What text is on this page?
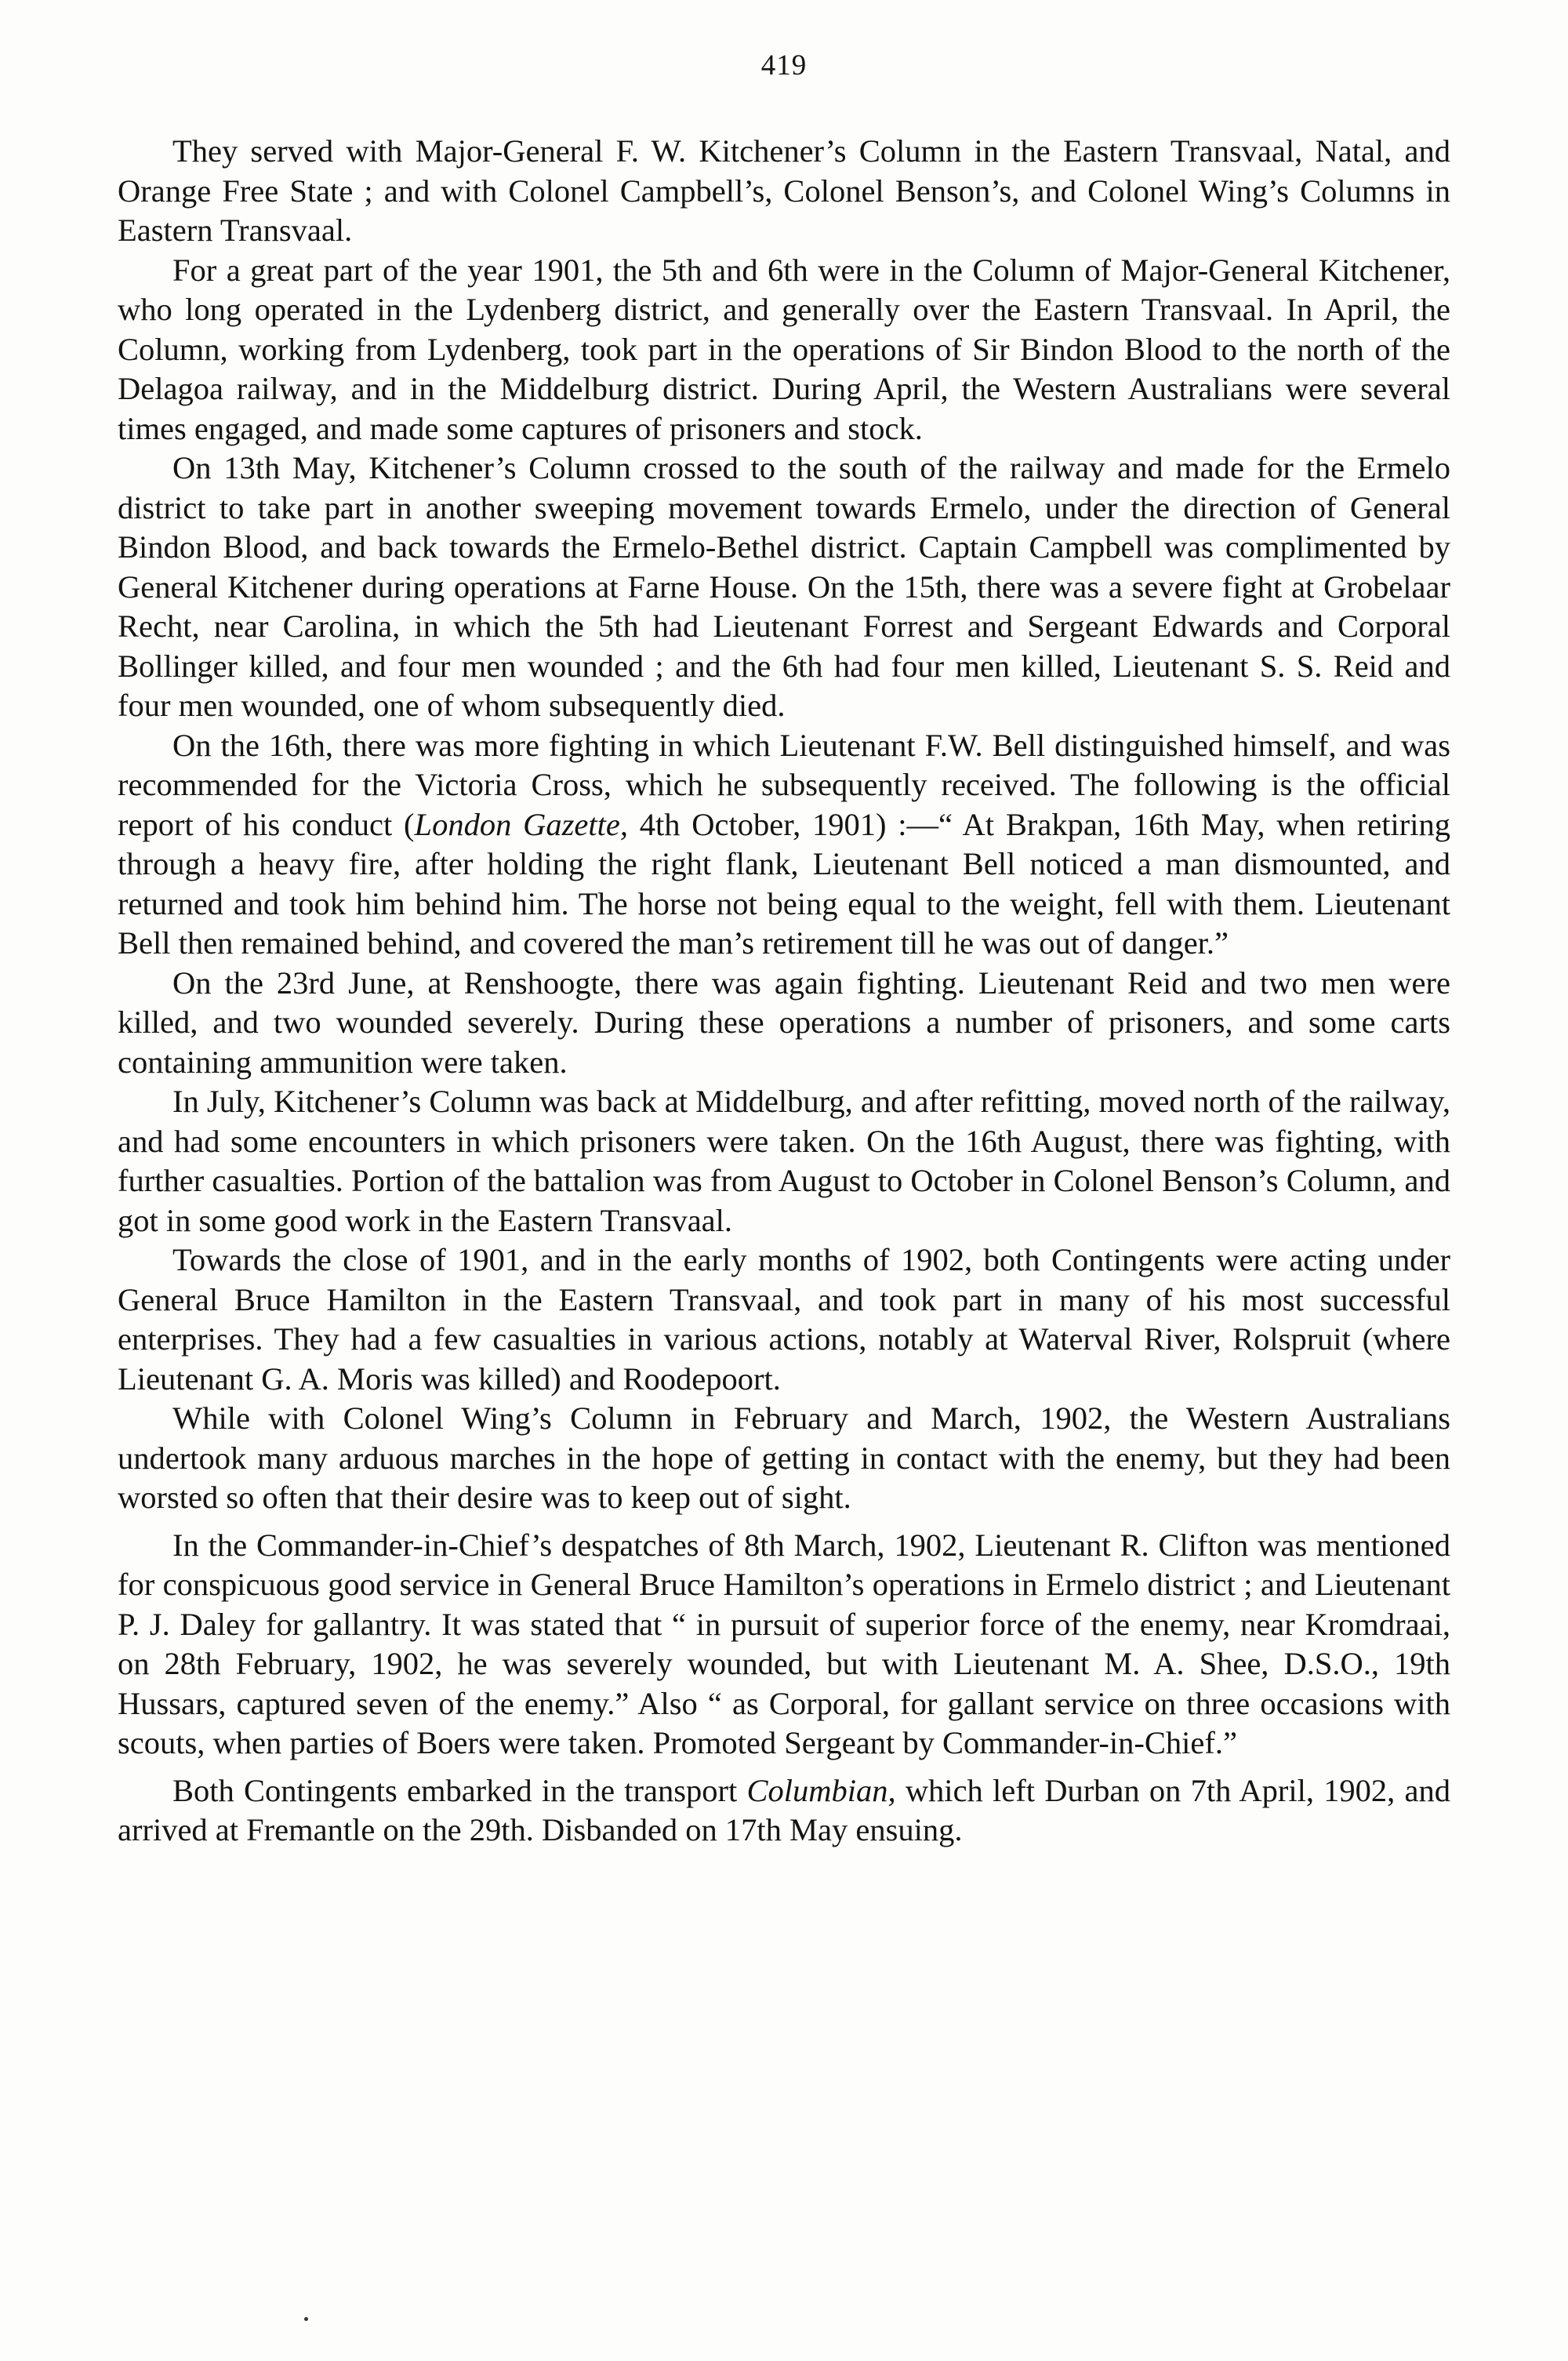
419

They served with Major-General F. W. Kitchener’s Column in the Eastern Transvaal, Natal, and Orange Free State ; and with Colonel Campbell’s, Colonel Benson’s, and Colonel Wing’s Columns in Eastern Transvaal.

For a great part of the year 1901, the 5th and 6th were in the Column of Major-General Kitchener, who long operated in the Lydenberg district, and generally over the Eastern Transvaal. In April, the Column, working from Lydenberg, took part in the operations of Sir Bindon Blood to the north of the Delagoa railway, and in the Middelburg district. During April, the Western Australians were several times engaged, and made some captures of prisoners and stock.

On 13th May, Kitchener’s Column crossed to the south of the railway and made for the Ermelo district to take part in another sweeping movement towards Ermelo, under the direction of General Bindon Blood, and back towards the Ermelo-Bethel district. Captain Campbell was complimented by General Kitchener during operations at Farne House. On the 15th, there was a severe fight at Grobelaar Recht, near Carolina, in which the 5th had Lieutenant Forrest and Sergeant Edwards and Corporal Bollinger killed, and four men wounded ; and the 6th had four men killed, Lieutenant S. S. Reid and four men wounded, one of whom subsequently died.

On the 16th, there was more fighting in which Lieutenant F.W. Bell distinguished himself, and was recommended for the Victoria Cross, which he subsequently received. The following is the official report of his conduct (London Gazette, 4th October, 1901) :—“ At Brakpan, 16th May, when retiring through a heavy fire, after holding the right flank, Lieutenant Bell noticed a man dismounted, and returned and took him behind him. The horse not being equal to the weight, fell with them. Lieutenant Bell then remained behind, and covered the man’s retirement till he was out of danger.”

On the 23rd June, at Renshoogte, there was again fighting. Lieutenant Reid and two men were killed, and two wounded severely. During these operations a number of prisoners, and some carts containing ammunition were taken.

In July, Kitchener’s Column was back at Middelburg, and after refitting, moved north of the railway, and had some encounters in which prisoners were taken. On the 16th August, there was fighting, with further casualties. Portion of the battalion was from August to October in Colonel Benson’s Column, and got in some good work in the Eastern Transvaal.

Towards the close of 1901, and in the early months of 1902, both Contingents were acting under General Bruce Hamilton in the Eastern Transvaal, and took part in many of his most successful enterprises. They had a few casualties in various actions, notably at Waterval River, Rolspruit (where Lieutenant G. A. Moris was killed) and Roodepoort.

While with Colonel Wing’s Column in February and March, 1902, the Western Australians undertook many arduous marches in the hope of getting in contact with the enemy, but they had been worsted so often that their desire was to keep out of sight.

In the Commander-in-Chief’s despatches of 8th March, 1902, Lieutenant R. Clifton was mentioned for conspicuous good service in General Bruce Hamilton’s operations in Ermelo district ; and Lieutenant P. J. Daley for gallantry. It was stated that “ in pursuit of superior force of the enemy, near Kromdraai, on 28th February, 1902, he was severely wounded, but with Lieutenant M. A. Shee, D.S.O., 19th Hussars, captured seven of the enemy.” Also “ as Corporal, for gallant service on three occasions with scouts, when parties of Boers were taken. Promoted Sergeant by Commander-in-Chief.”

Both Contingents embarked in the transport Columbian, which left Durban on 7th April, 1902, and arrived at Fremantle on the 29th. Disbanded on 17th May ensuing.
